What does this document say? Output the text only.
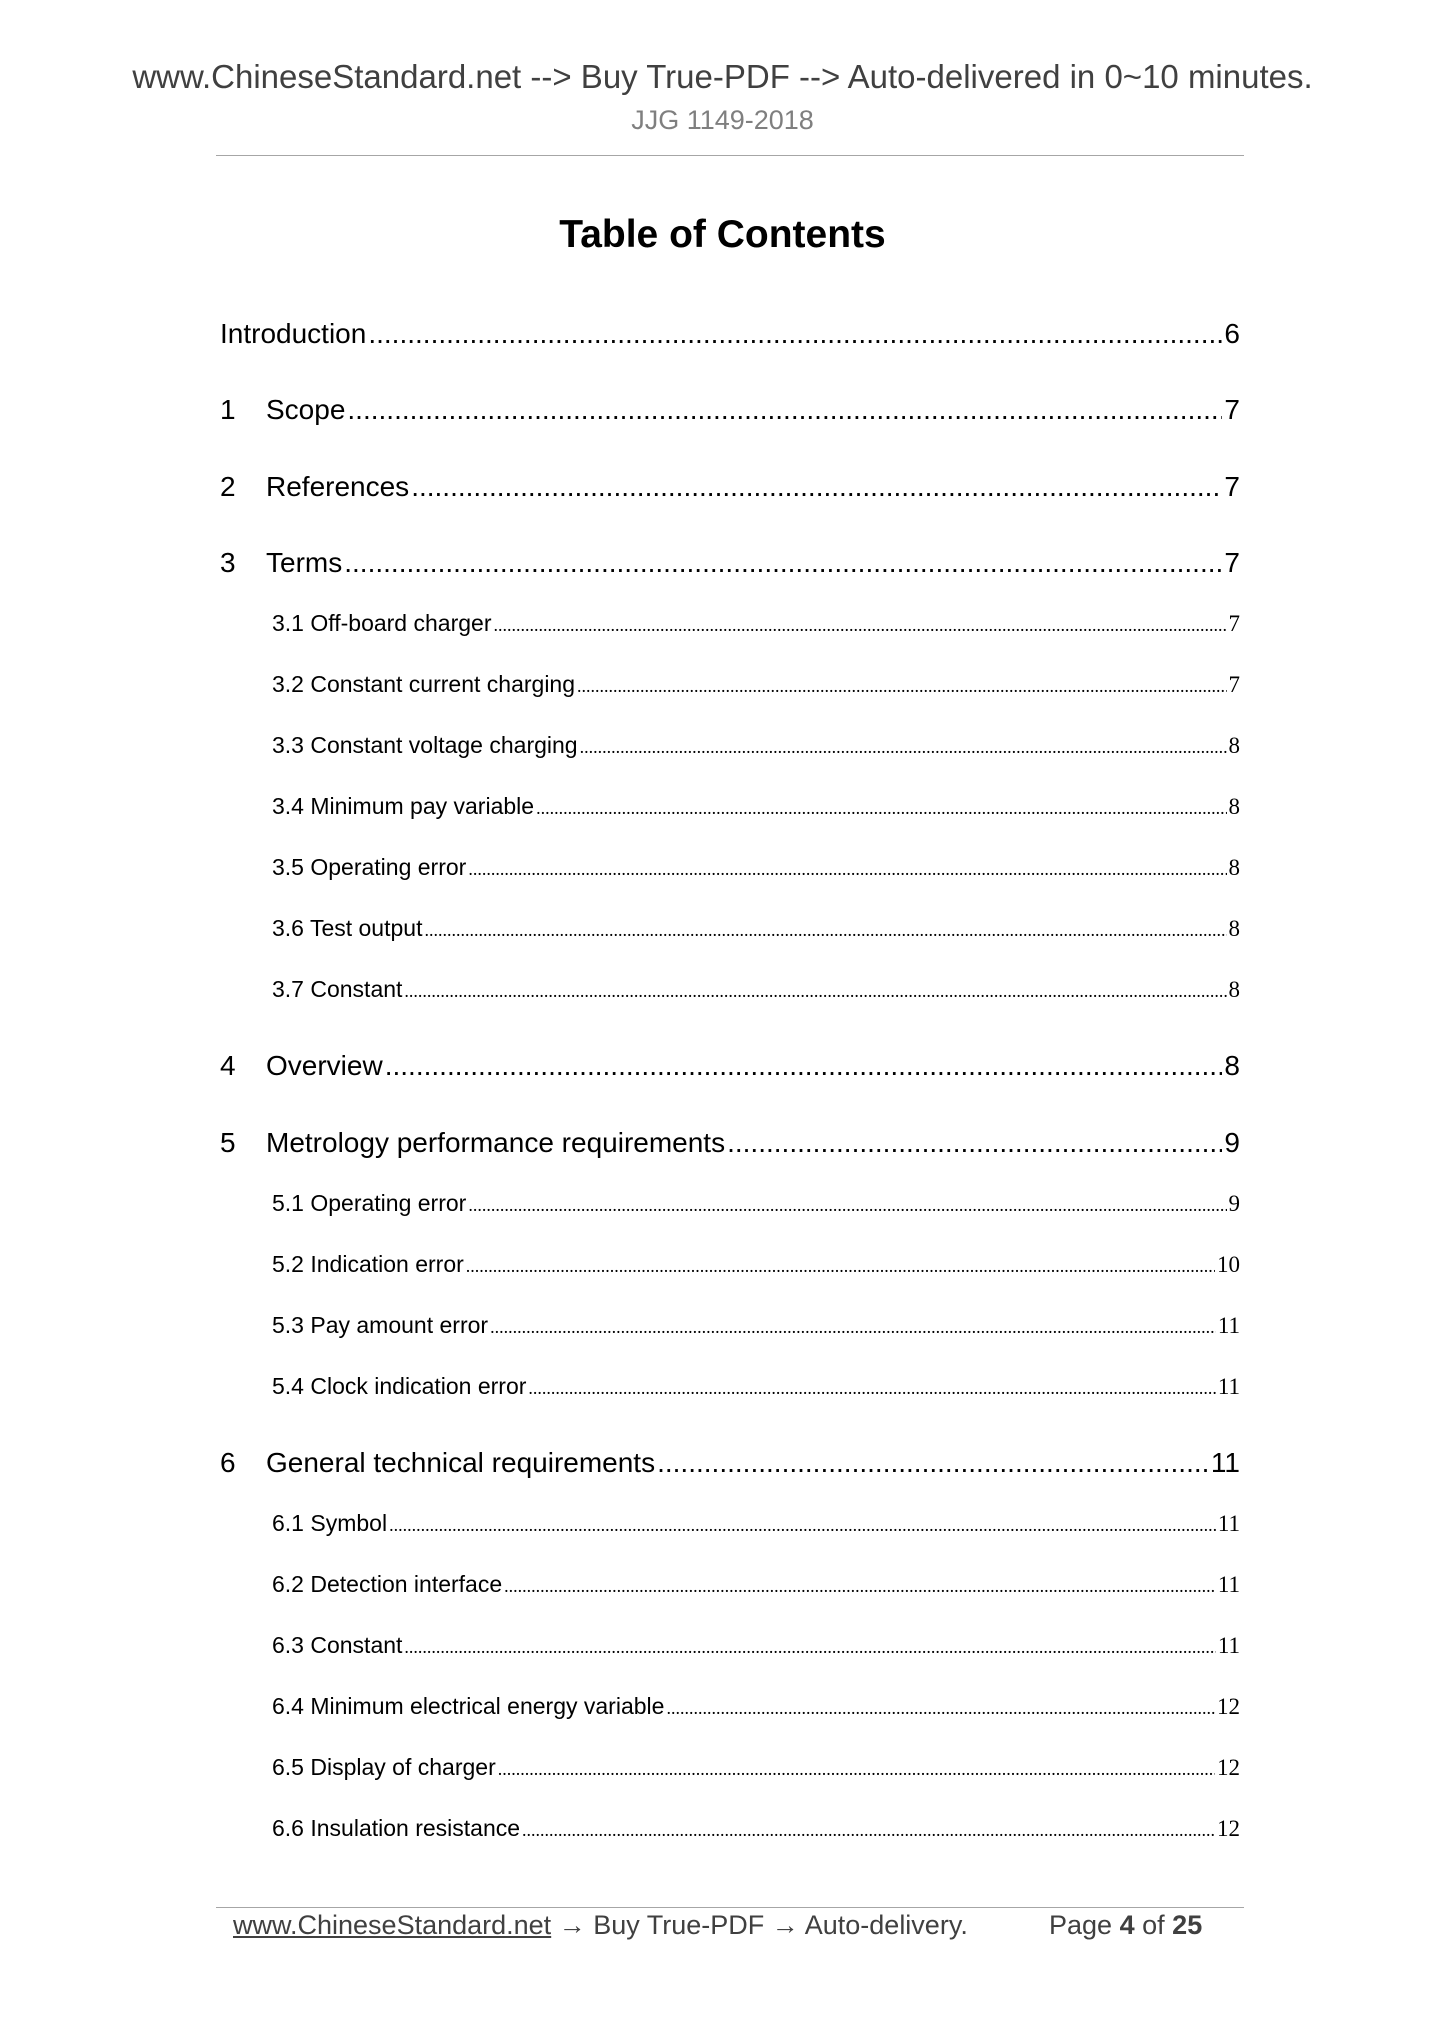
www.ChineseStandard.net --> Buy True-PDF --> Auto-delivered in 0~10 minutes.
JJG 1149-2018
Table of Contents
Introduction .....	6
1	Scope .....	7
2	References .....	7
3	Terms .....	7
3.1 Off-board charger .....	7
3.2 Constant current charging .....	7
3.3 Constant voltage charging .....	8
3.4 Minimum pay variable .....	8
3.5 Operating error .....	8
3.6 Test output .....	8
3.7 Constant .....	8
4	Overview .....	8
5	Metrology performance requirements .....	9
5.1 Operating error .....	9
5.2 Indication error .....	10
5.3 Pay amount error .....	11
5.4 Clock indication error .....	11
6	General technical requirements .....	11
6.1 Symbol .....	11
6.2 Detection interface .....	11
6.3 Constant .....	11
6.4 Minimum electrical energy variable .....	12
6.5 Display of charger .....	12
6.6 Insulation resistance .....	12
www.ChineseStandard.net → Buy True-PDF → Auto-delivery.	Page 4 of 25
